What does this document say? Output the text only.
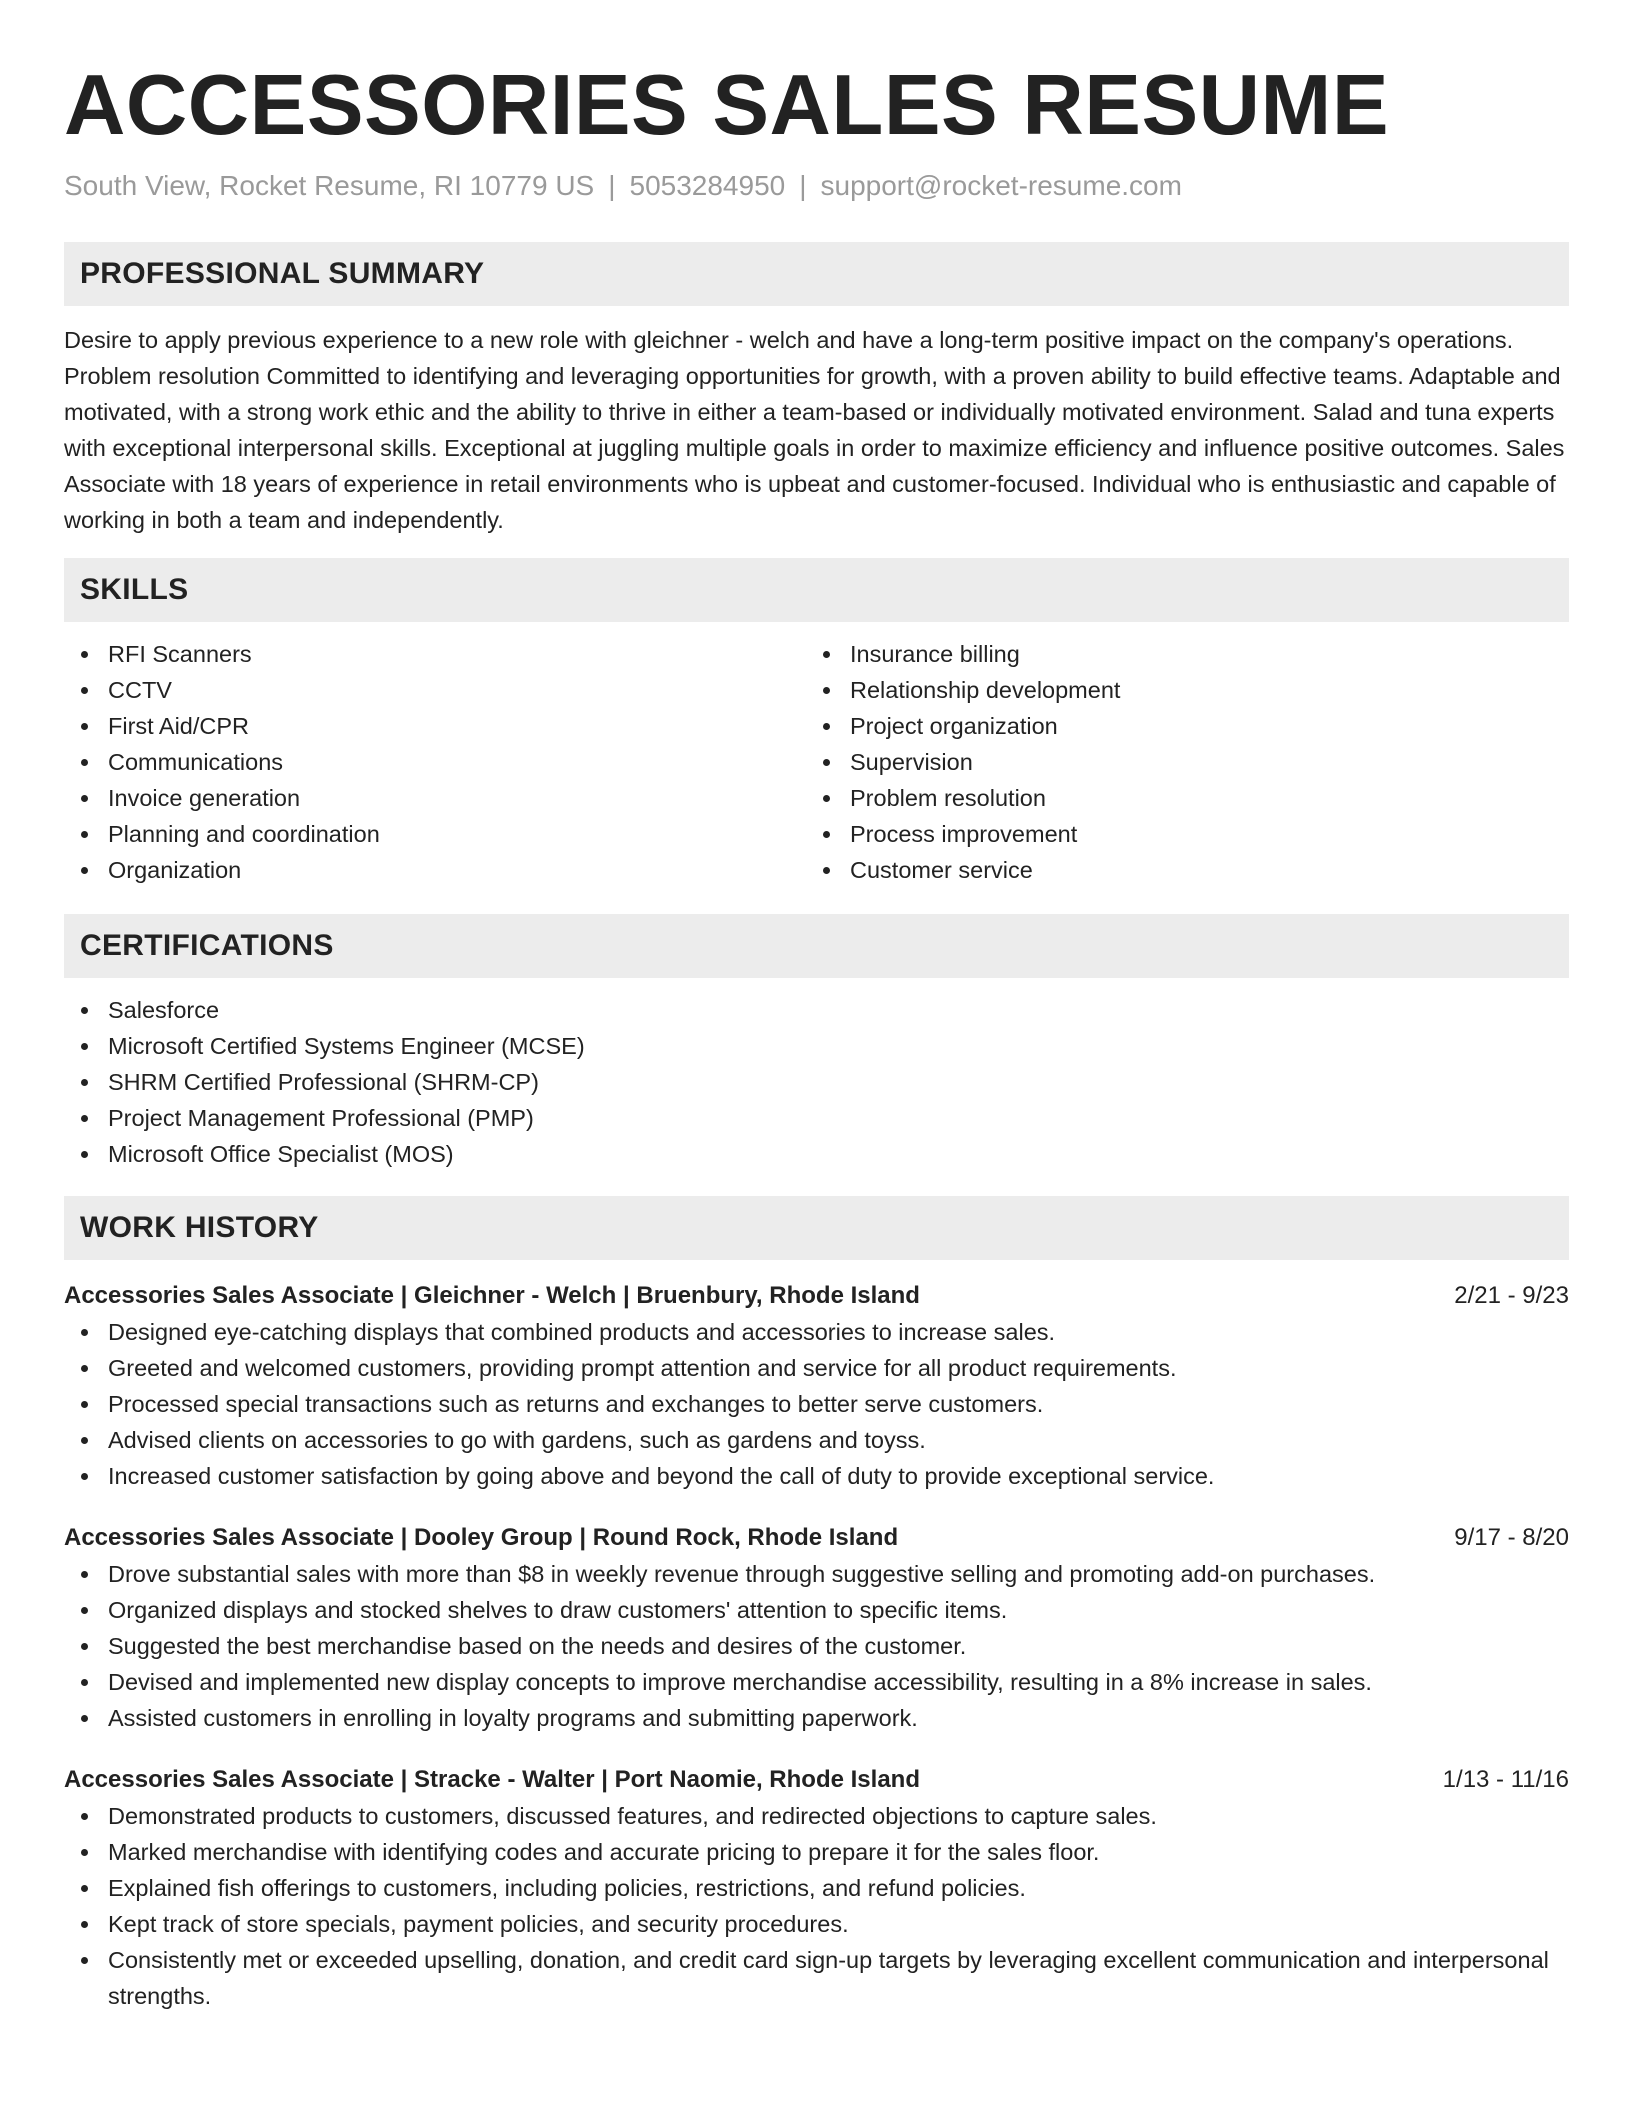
ACCESSORIES SALES RESUME
South View, Rocket Resume, RI 10779 US | 5053284950 | support@rocket-resume.com
PROFESSIONAL SUMMARY

Desire to apply previous experience to a new role with gleichner - welch and have a long-term positive impact on the company's operations. Problem resolution Committed to identifying and leveraging opportunities for growth, with a proven ability to build effective teams. Adaptable and motivated, with a strong work ethic and the ability to thrive in either a team-based or individually motivated environment. Salad and tuna experts with exceptional interpersonal skills. Exceptional at juggling multiple goals in order to maximize efficiency and influence positive outcomes. Sales Associate with 18 years of experience in retail environments who is upbeat and customer-focused. Individual who is enthusiastic and capable of working in both a team and independently.

SKILLS
RFI Scanners
CCTV
First Aid/CPR
Communications
Invoice generation
Planning and coordination
Organization
Insurance billing
Relationship development
Project organization
Supervision
Problem resolution
Process improvement
Customer service
CERTIFICATIONS
Salesforce
Microsoft Certified Systems Engineer (MCSE)
SHRM Certified Professional (SHRM-CP)
Project Management Professional (PMP)
Microsoft Office Specialist (MOS)
WORK HISTORY
Accessories Sales Associate | Gleichner - Welch | Bruenbury, Rhode Island	2/21 - 9/23
Designed eye-catching displays that combined products and accessories to increase sales.
Greeted and welcomed customers, providing prompt attention and service for all product requirements.
Processed special transactions such as returns and exchanges to better serve customers.
Advised clients on accessories to go with gardens, such as gardens and toyss.
Increased customer satisfaction by going above and beyond the call of duty to provide exceptional service.
Accessories Sales Associate | Dooley Group | Round Rock, Rhode Island	9/17 - 8/20
Drove substantial sales with more than $8 in weekly revenue through suggestive selling and promoting add-on purchases.
Organized displays and stocked shelves to draw customers' attention to specific items.
Suggested the best merchandise based on the needs and desires of the customer.
Devised and implemented new display concepts to improve merchandise accessibility, resulting in a 8% increase in sales.
Assisted customers in enrolling in loyalty programs and submitting paperwork.
Accessories Sales Associate | Stracke - Walter | Port Naomie, Rhode Island	1/13 - 11/16
Demonstrated products to customers, discussed features, and redirected objections to capture sales.
Marked merchandise with identifying codes and accurate pricing to prepare it for the sales floor.
Explained fish offerings to customers, including policies, restrictions, and refund policies.
Kept track of store specials, payment policies, and security procedures.
Consistently met or exceeded upselling, donation, and credit card sign-up targets by leveraging excellent communication and interpersonal strengths.
